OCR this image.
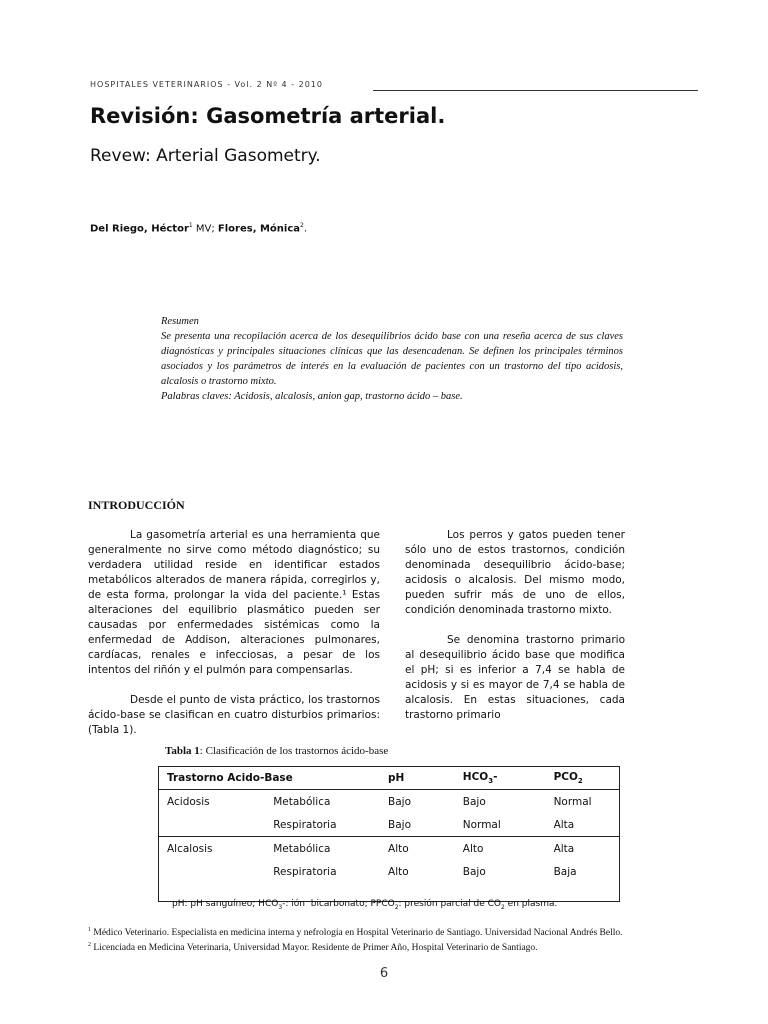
HOSPITALES VETERINARIOS - Vol. 2 Nº 4 - 2010
Revisión: Gasometría arterial.
Revew: Arterial Gasometry.
Del Riego, Héctor$^1$ MV; Flores, Mónica$^2$.
Resumen
Se presenta una recopilación acerca de los desequilibrios ácido base con una reseña acerca de sus claves diagnósticas y principales situaciones clínicas que las desencadenan. Se definen los principales términos asociados y los parámetros de interés en la evaluación de pacientes con un trastorno del tipo acidosis, alcalosis o trastorno mixto.
Palabras claves: Acidosis, alcalosis, anion gap, trastorno ácido – base.
INTRODUCCIÓN

La gasometría arterial es una herramienta que generalmente no sirve como método diagnóstico; su verdadera utilidad reside en identificar estados metabólicos alterados de manera rápida, corregirlos y, de esta forma, prolongar la vida del paciente.¹ Estas alteraciones del equilibrio plasmático pueden ser causadas por enfermedades sistémicas como la enfermedad de Addison, alteraciones pulmonares, cardíacas, renales e infecciosas, a pesar de los intentos del riñón y el pulmón para compensarlas.

Desde el punto de vista práctico, los trastornos ácido-base se clasifican en cuatro disturbios primarios: (Tabla 1).

Los perros y gatos pueden tener sólo uno de estos trastornos, condición denominada desequilibrio ácido-base; acidosis o alcalosis. Del mismo modo, pueden sufrir más de uno de ellos, condición denominada trastorno mixto.

Se denomina trastorno primario al desequilibrio ácido base que modifica el pH; si es inferior a 7,4 se habla de acidosis y si es mayor de 7,4 se habla de alcalosis. En estas situaciones, cada trastorno primario

Tabla 1: Clasificación de los trastornos ácido-base
Trastorno Acido-Base		pH	$HCO_3-$	$PCO_2$
Acidosis	Metabólica	Bajo	Bajo	Normal
	Respiratoria	Bajo	Normal	Alta
Alcalosis	Metabólica	Alto	Alto	Alta
	Respiratoria	Alto	Bajo	Baja

pH: pH sanguíneo; $HCO_3-$: ión  bicarbonato; $PPCO_2$: presión parcial de $CO_2$ en plasma.
$^1$ Médico Veterinario. Especialista en medicina interna y nefrología en Hospital Veterinario de Santiago. Universidad Nacional Andrés Bello.
$^2$ Licenciada en Medicina Veterinaria, Universidad Mayor. Residente de Primer Año, Hospital Veterinario de Santiago.
6
